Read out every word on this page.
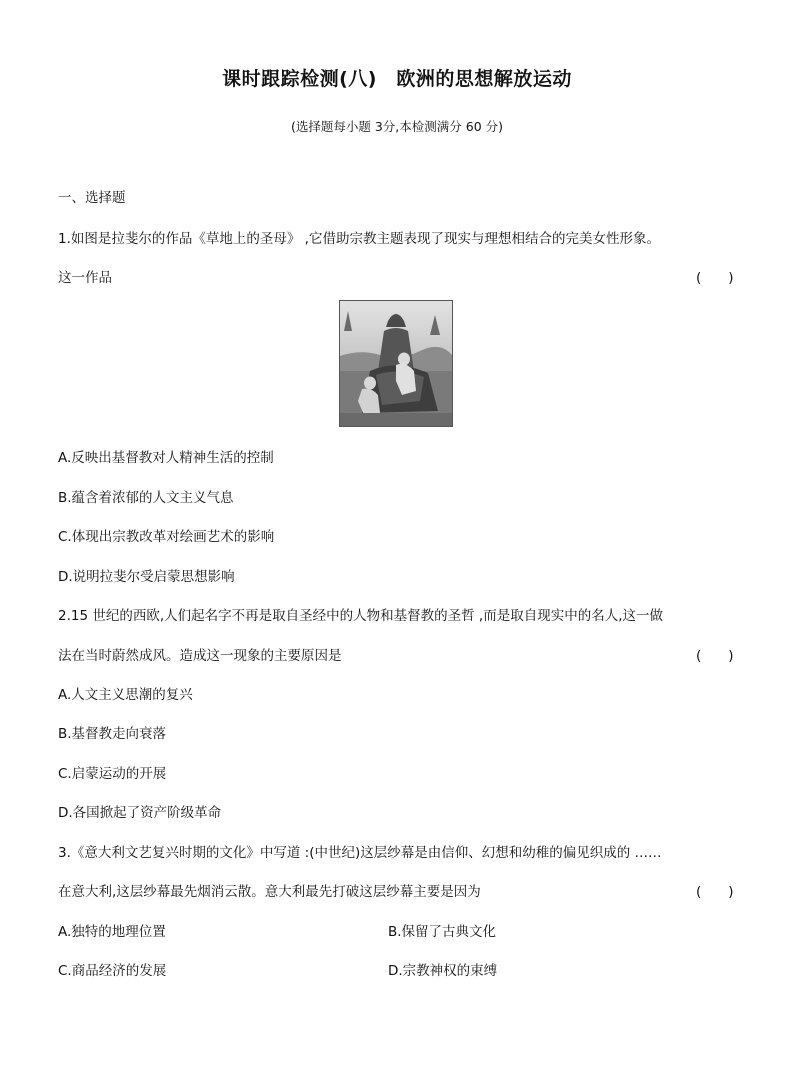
课时跟踪检测(八)　欧洲的思想解放运动
(选择题每小题 3分,本检测满分 60 分)
一、选择题
1.如图是拉斐尔的作品《草地上的圣母》 ,它借助宗教主题表现了现实与理想相结合的完美女性形象。
这一作品	(　　)
A.反映出基督教对人精神生活的控制
B.蕴含着浓郁的人文主义气息
C.体现出宗教改革对绘画艺术的影响
D.说明拉斐尔受启蒙思想影响
2.15 世纪的西欧,人们起名字不再是取自圣经中的人物和基督教的圣哲 ,而是取自现实中的名人,这一做
法在当时蔚然成风。造成这一现象的主要原因是	(　　)
A.人文主义思潮的复兴
B.基督教走向衰落
C.启蒙运动的开展
D.各国掀起了资产阶级革命
3.《意大利文艺复兴时期的文化》中写道 :(中世纪)这层纱幕是由信仰、幻想和幼稚的偏见织成的 ……
在意大利,这层纱幕最先烟消云散。意大利最先打破这层纱幕主要是因为	(　　)
A.独特的地理位置	B.保留了古典文化
C.商品经济的发展	D.宗教神权的束缚
